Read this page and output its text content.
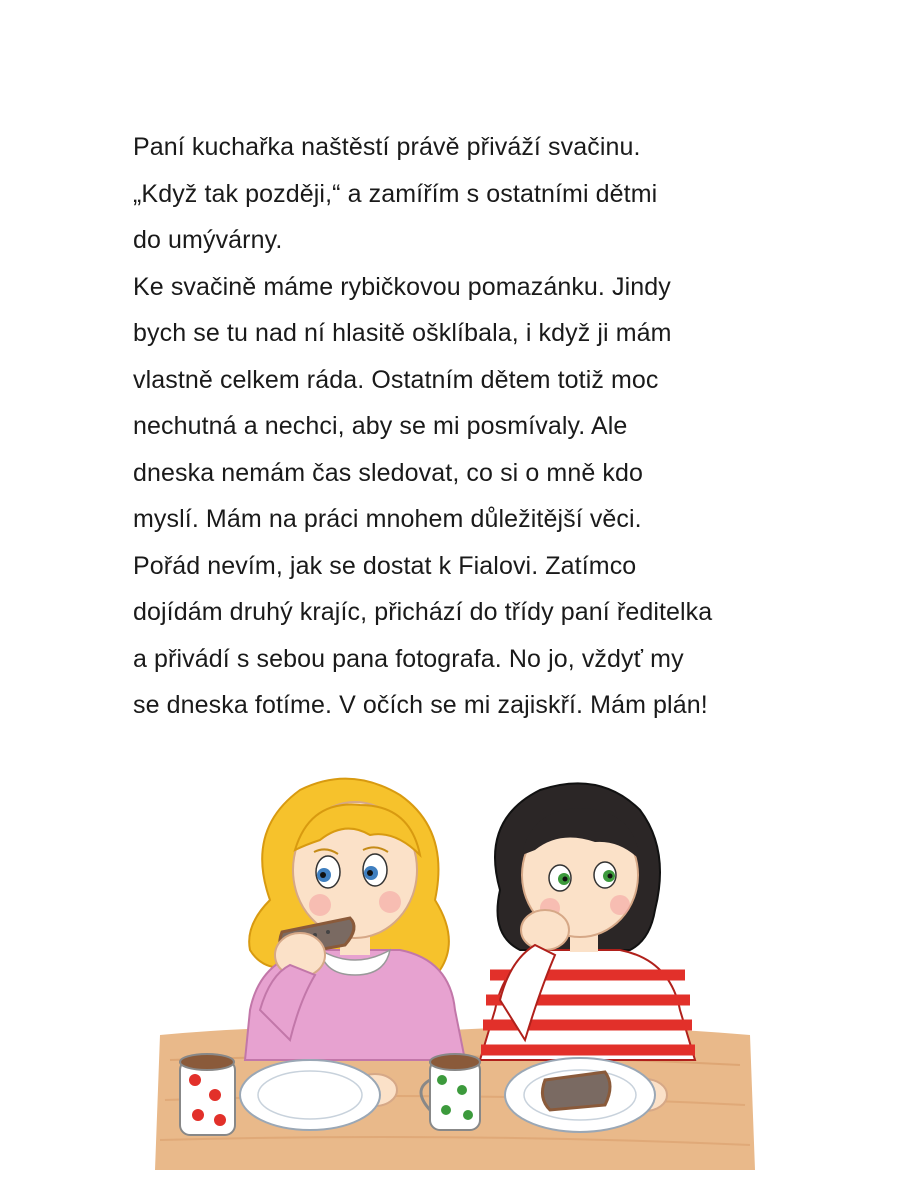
Paní kuchařka naštěstí právě přiváží svačinu.
„Když tak později,“ a zamířím s ostatními dětmi
do umývárny.
Ke svačině máme rybičkovou pomazánku. Jindy
bych se tu nad ní hlasitě ošklíbala, i když ji mám
vlastně celkem ráda. Ostatním dětem totiž moc
nechutná a nechci, aby se mi posmívaly. Ale
dneska nemám čas sledovat, co si o mně kdo
myslí. Mám na práci mnohem důležitější věci.
Pořád nevím, jak se dostat k Fialovi. Zatímco
dojídám druhý krajíc, přichází do třídy paní ředitelka
a přivádí s sebou pana fotografa. No jo, vždyť my
se dneska fotíme. V očích se mi zajiskří. Mám plán!
